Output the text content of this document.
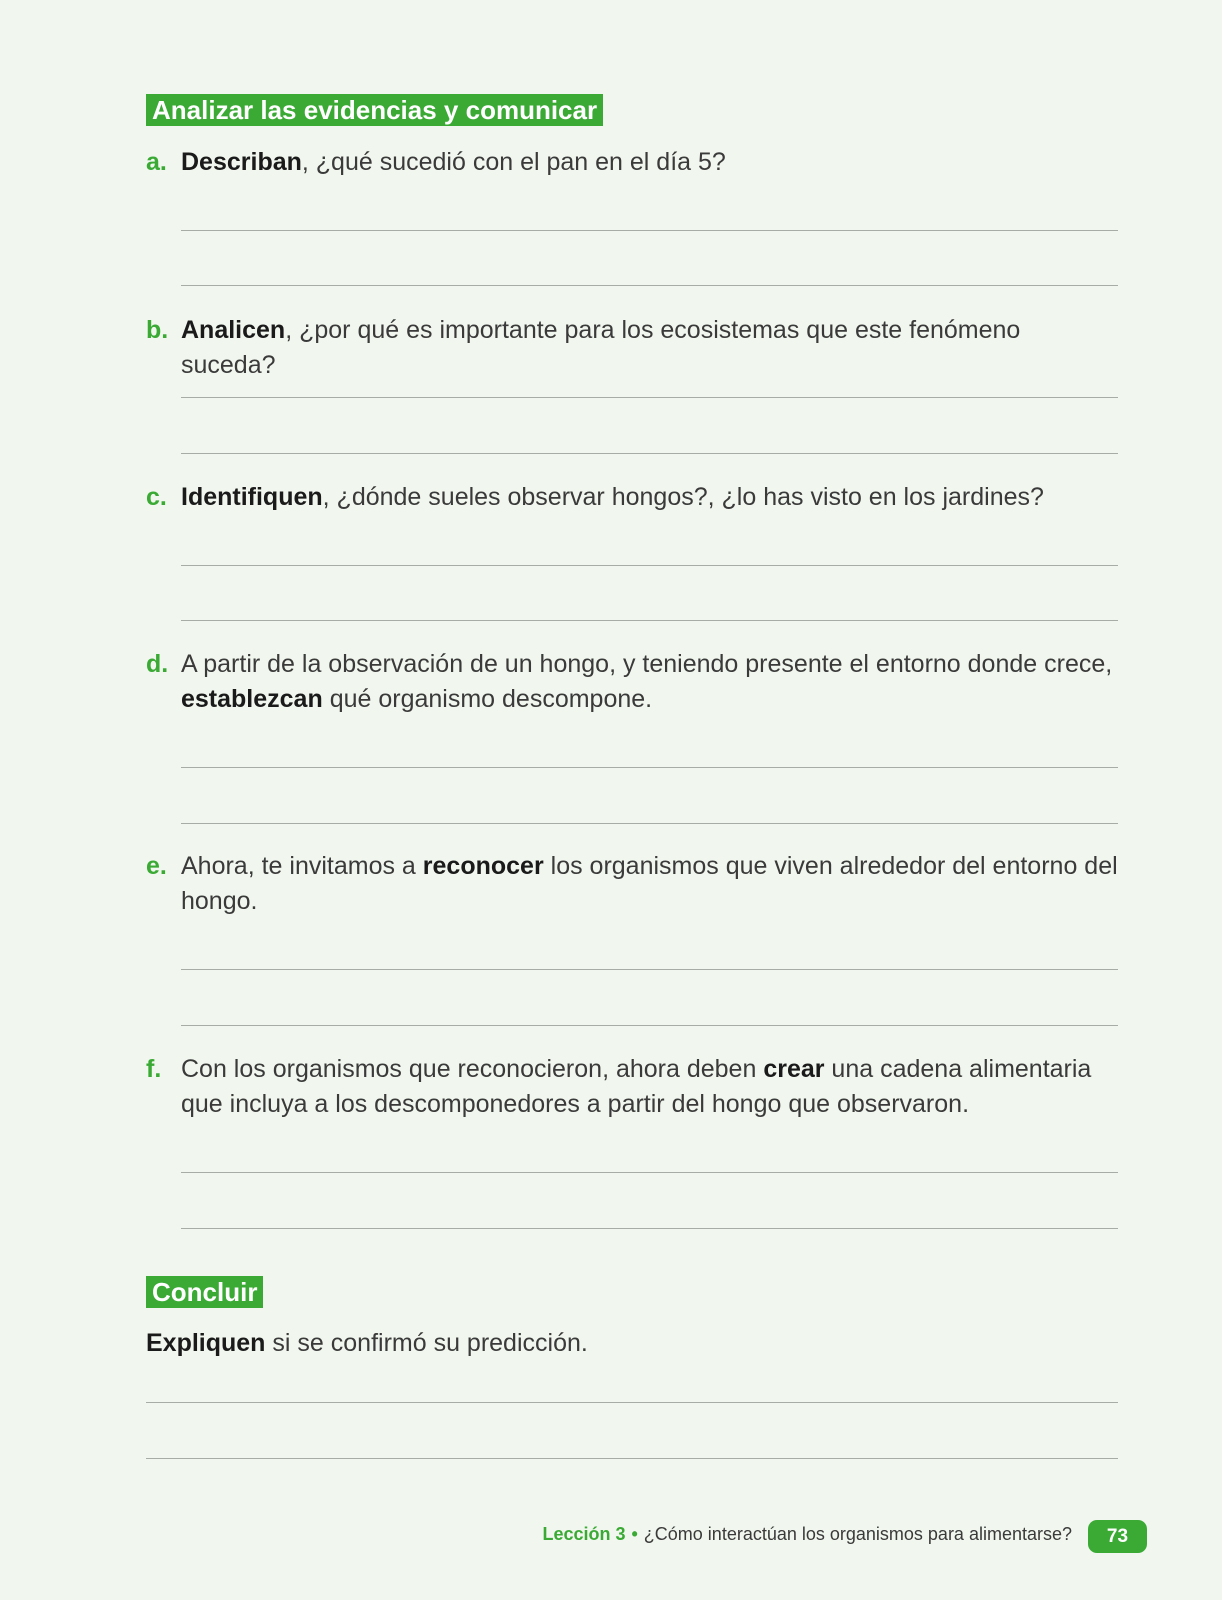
Analizar las evidencias y comunicar
a. Describan, ¿qué sucedió con el pan en el día 5?
b. Analicen, ¿por qué es importante para los ecosistemas que este fenómeno suceda?
c. Identifiquen, ¿dónde sueles observar hongos?, ¿lo has visto en los jardines?
d. A partir de la observación de un hongo, y teniendo presente el entorno donde crece, establezcan qué organismo descompone.
e. Ahora, te invitamos a reconocer los organismos que viven alrededor del entorno del hongo.
f. Con los organismos que reconocieron, ahora deben crear una cadena alimentaria que incluya a los descomponedores a partir del hongo que observaron.
Concluir
Expliquen si se confirmó su predicción.
Lección 3 • ¿Cómo interactúan los organismos para alimentarse?	73
